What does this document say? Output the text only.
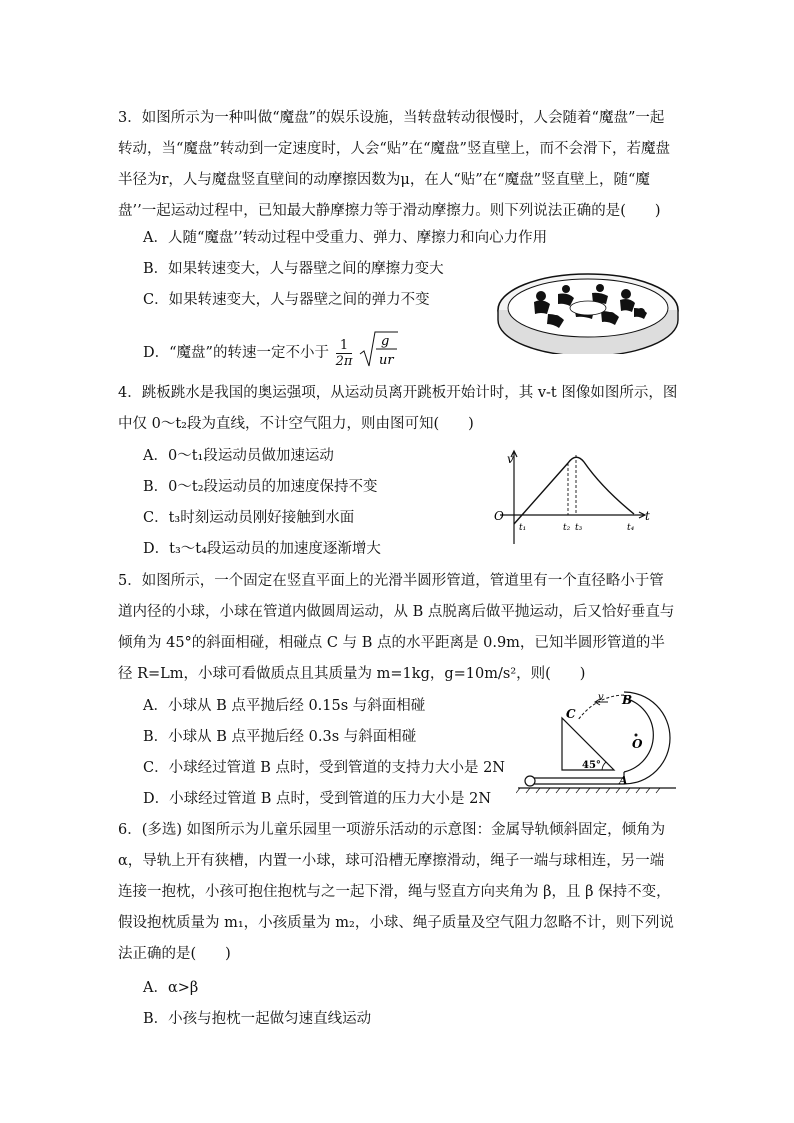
3．如图所示为一种叫做“魔盘”的娱乐设施，当转盘转动很慢时，人会随着“魔盘”一起转动，当“魔盘”转动到一定速度时，人会“贴”在“魔盘”竖直壁上，而不会滑下，若魔盘半径为r，人与魔盘竖直壁间的动摩擦因数为μ，在人“贴”在“魔盘”竖直壁上，随“魔盘’’一起运动过程中，已知最大静摩擦力等于滑动摩擦力。则下列说法正确的是(　　)

A．人随“魔盘’’转动过程中受重力、弹力、摩擦力和向心力作用
B．如果转速变大，人与器壁之间的摩擦力变大
C．如果转速变大，人与器壁之间的弹力不变
D．“魔盘”的转速一定不小于 $\frac{1}{2\pi}$
g
ur

4．跳板跳水是我国的奥运强项，从运动员离开跳板开始计时，其 v-t 图像如图所示，图中仅 0～t₂段为直线，不计空气阻力，则由图可知(　　)

A．0～t₁段运动员做加速运动
B．0～t₂段运动员的加速度保持不变
C．t₃时刻运动员刚好接触到水面
D．t₃～t₄段运动员的加速度逐渐增大
v
t
O
t₁	t₂ t₃	t₄

5．如图所示，一个固定在竖直平面上的光滑半圆形管道，管道里有一个直径略小于管道内径的小球，小球在管道内做圆周运动，从 B 点脱离后做平抛运动，后又恰好垂直与倾角为 45°的斜面相碰，相碰点 C 与 B 点的水平距离是 0.9m，已知半圆形管道的半径 R=Lm，小球可看做质点且其质量为 m=1kg，g=10m/s²，则(　　)

A．小球从 B 点平抛后经 0.15s 与斜面相碰
B．小球从 B 点平抛后经 0.3s 与斜面相碰
C．小球经过管道 B 点时，受到管道的支持力大小是 2N
D．小球经过管道 B 点时，受到管道的压力大小是 2N
C
v B
O
A
45°

6．(多选) 如图所示为儿童乐园里一项游乐活动的示意图：金属导轨倾斜固定，倾角为 α，导轨上开有狭槽，内置一小球，球可沿槽无摩擦滑动，绳子一端与球相连，另一端连接一抱枕，小孩可抱住抱枕与之一起下滑，绳与竖直方向夹角为 β，且 β 保持不变，假设抱枕质量为 m₁，小孩质量为 m₂，小球、绳子质量及空气阻力忽略不计，则下列说法正确的是(　　)

A．α>β
B．小孩与抱枕一起做匀速直线运动
